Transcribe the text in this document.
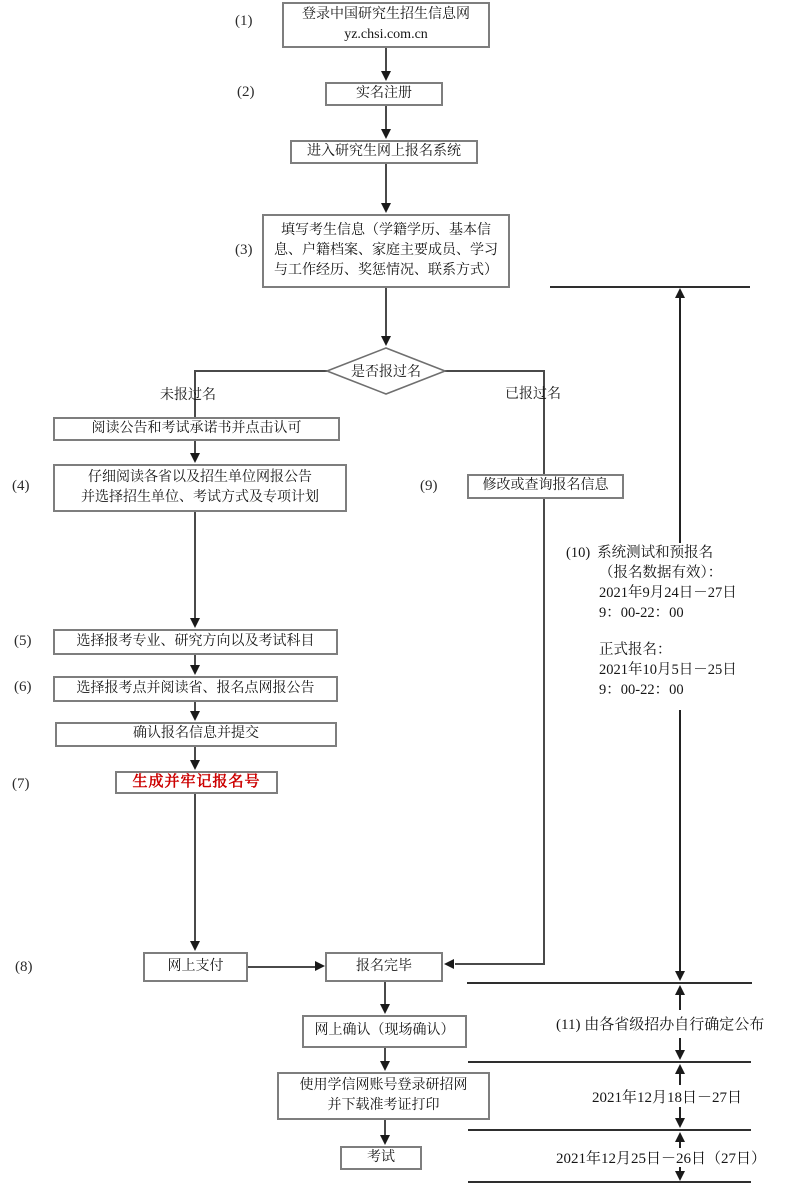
(1)
(2)
(3)
(4)
(5)
(6)
(7)
(8)
(9)
登录中国研究生招生信息网
yz.chsi.com.cn
实名注册
进入研究生网上报名系统
填写考生信息（学籍学历、基本信
息、户籍档案、家庭主要成员、学习
与工作经历、奖惩情况、联系方式）
是否报过名
未报过名
阅读公告和考试承诺书并点击认可
仔细阅读各省以及招生单位网报公告
并选择招生单位、考试方式及专项计划
选择报考专业、研究方向以及考试科目
选择报考点并阅读省、报名点网报公告
确认报名信息并提交
生成并牢记报名号
网上支付	报名完毕
已报过名
修改或查询报名信息
网上确认（现场确认）
使用学信网账号登录研招网
并下载准考证打印
考试
(10) 系统测试和预报名
（报名数据有效）：
2021年9月24日－27日
9：00-22：00
正式报名：
2021年10月5日－25日
9：00-22：00
(11) 由各省级招办自行确定公布
2021年12月18日－27日
2021年12月25日－26日（27日）
